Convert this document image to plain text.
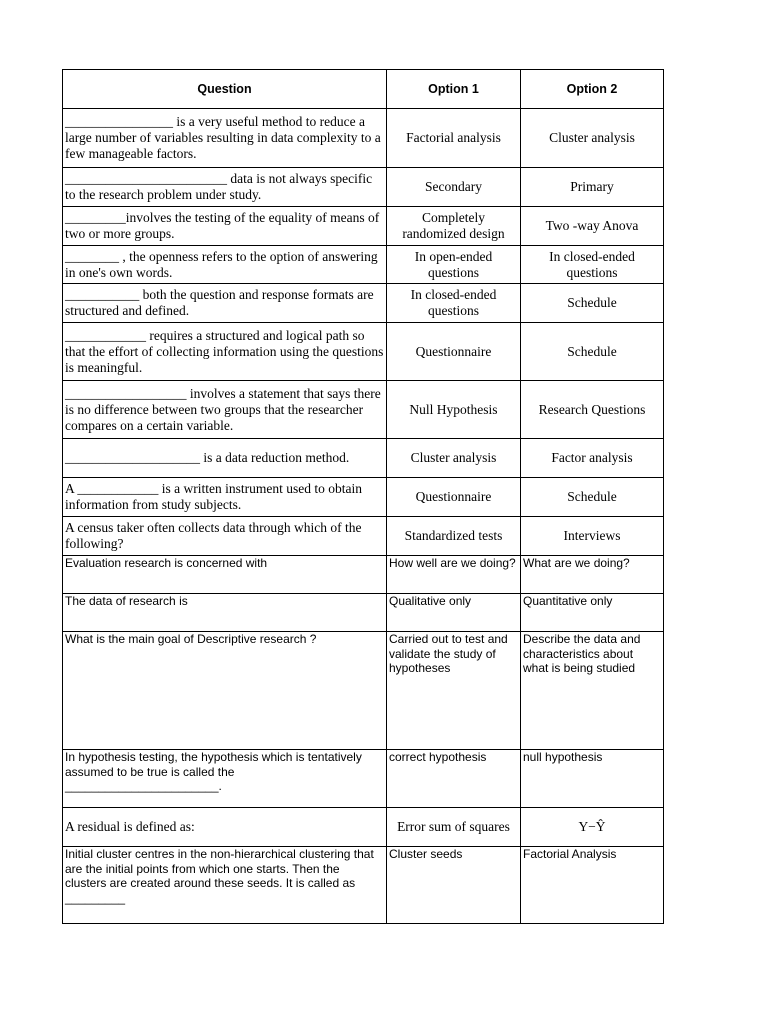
Question	Option 1	Option 2
________________ is a very useful method to reduce a large number of variables resulting in data complexity to a few manageable factors.	Factorial analysis	Cluster analysis
________________________ data is not always specific to the research problem under study.	Secondary	Primary
_________involves the testing of the equality of means of two or more groups.	Completely randomized design	Two -way Anova
________ , the openness refers to the option of answering in one's own words.	In open-ended questions	In closed-ended questions
___________ both the question and response formats are structured and defined.	In closed-ended questions	Schedule
____________ requires a structured and logical path so that the effort of collecting information using the questions is meaningful.	Questionnaire	Schedule
__________________ involves a statement that says there is no difference between two groups that the researcher compares on a certain variable.	Null Hypothesis	Research Questions
____________________ is a data reduction method.	Cluster analysis	Factor analysis
A ____________ is a written instrument used to obtain information from study subjects.	Questionnaire	Schedule
A census taker often collects data through which of the following?	Standardized tests	Interviews
Evaluation research is concerned with	How well are we doing?	What are we doing?
The data of research is	Qualitative only	Quantitative only
What is the main goal of Descriptive research ?	Carried out to test and validate the study of hypotheses	Describe the data and characteristics about what is being studied
In hypothesis testing, the hypothesis which is tentatively assumed to be true is called the _______________________.	correct hypothesis	null hypothesis
A residual is defined as:	Error sum of squares	Y−Ŷ
Initial cluster centres in the non-hierarchical clustering that are the initial points from which one starts. Then the clusters are created around these seeds. It is called as _________	Cluster seeds	Factorial Analysis
